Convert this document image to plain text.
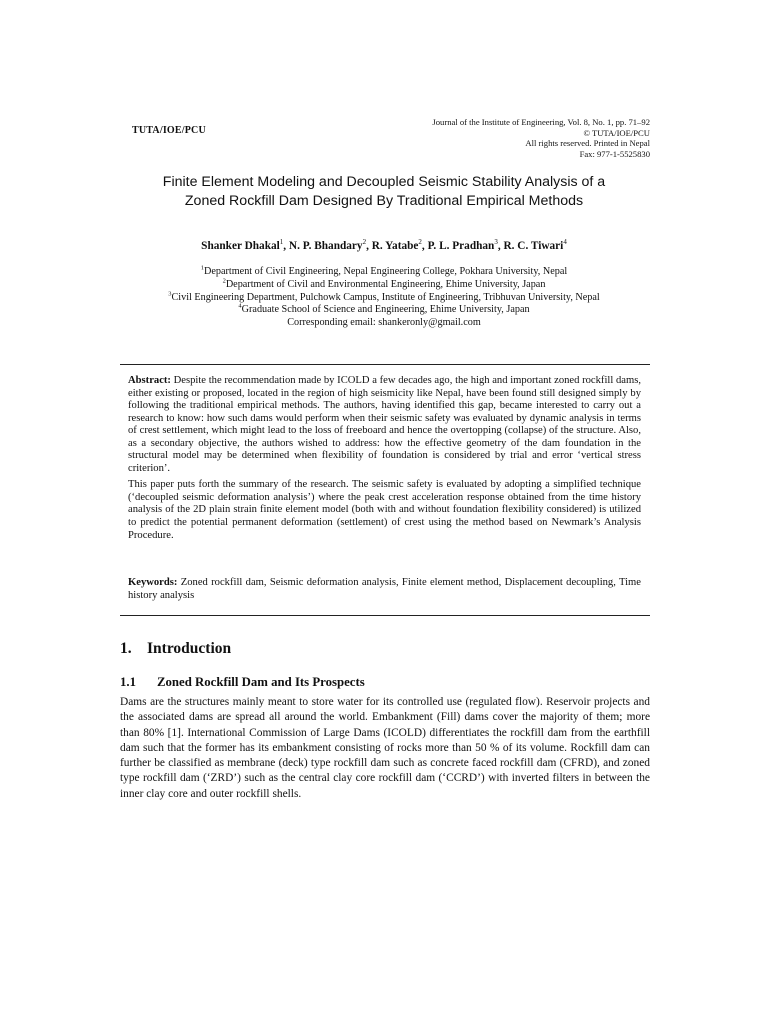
TUTA/IOE/PCU
Journal of the Institute of Engineering, Vol. 8, No. 1, pp. 71–92
© TUTA/IOE/PCU
All rights reserved. Printed in Nepal
Fax: 977-1-5525830
Finite Element Modeling and Decoupled Seismic Stability Analysis of a
Zoned Rockfill Dam Designed By Traditional Empirical Methods
Shanker Dhakal$^1$, N. P. Bhandary$^2$, R. Yatabe$^2$, P. L. Pradhan$^3$, R. C. Tiwari$^4$
$^1$Department of Civil Engineering, Nepal Engineering College, Pokhara University, Nepal
$^2$Department of Civil and Environmental Engineering, Ehime University, Japan
$^3$Civil Engineering Department, Pulchowk Campus, Institute of Engineering, Tribhuvan University, Nepal
$^4$Graduate School of Science and Engineering, Ehime University, Japan
Corresponding email: shankeronly@gmail.com

Abstract: Despite the recommendation made by ICOLD a few decades ago, the high and important zoned rockfill dams, either existing or proposed, located in the region of high seismicity like Nepal, have been found still designed simply by following the traditional empirical methods. The authors, having identified this gap, became interested to carry out a research to know: how such dams would perform when their seismic safety was evaluated by dynamic analysis in terms of crest settlement, which might lead to the loss of freeboard and hence the overtopping (collapse) of the structure. Also, as a secondary objective, the authors wished to address: how the effective geometry of the dam foundation in the structural model may be determined when flexibility of foundation is considered by trial and error ‘vertical stress criterion’.

This paper puts forth the summary of the research. The seismic safety is evaluated by adopting a simplified technique (‘decoupled seismic deformation analysis’) where the peak crest acceleration response obtained from the time history analysis of the 2D plain strain finite element model (both with and without foundation flexibility considered) is utilized to predict the potential permanent deformation (settlement) of crest using the method based on Newmark’s Analysis Procedure.

Keywords: Zoned rockfill dam, Seismic deformation analysis, Finite element method, Displacement decoupling, Time history analysis
1. Introduction
1.1 Zoned Rockfill Dam and Its Prospects

Dams are the structures mainly meant to store water for its controlled use (regulated flow). Reservoir projects and the associated dams are spread all around the world. Embankment (Fill) dams cover the majority of them; more than 80% [1]. International Commission of Large Dams (ICOLD) differentiates the rockfill dam from the earthfill dam such that the former has its embankment consisting of rocks more than 50 % of its volume. Rockfill dam can further be classified as membrane (deck) type rockfill dam such as concrete faced rockfill dam (CFRD), and zoned type rockfill dam (‘ZRD’) such as the central clay core rockfill dam (‘CCRD’) with inverted filters in between the inner clay core and outer rockfill shells.
